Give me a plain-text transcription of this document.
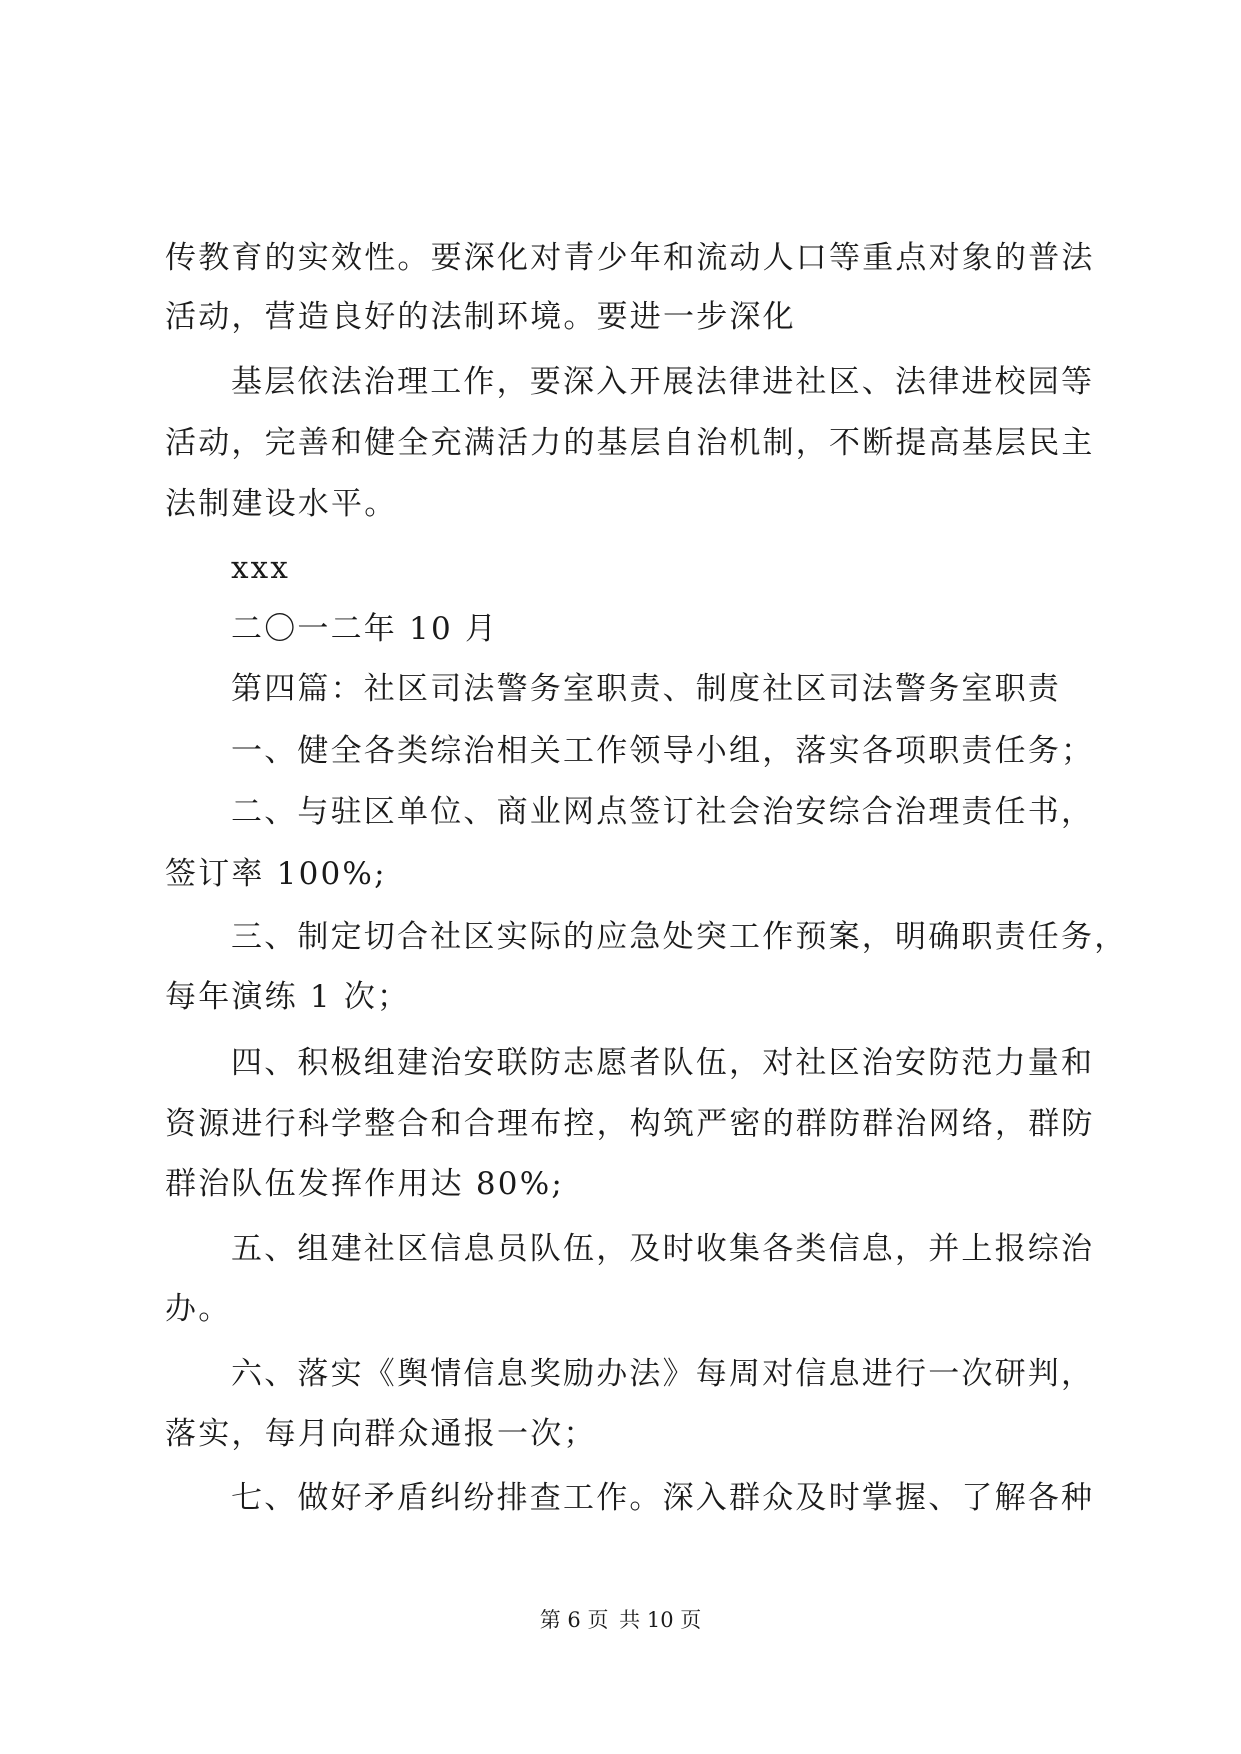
传教育的实效性。要深化对青少年和流动人口等重点对象的普法
活动，营造良好的法制环境。要进一步深化
基层依法治理工作，要深入开展法律进社区、法律进校园等
活动，完善和健全充满活力的基层自治机制，不断提高基层民主
法制建设水平。
xxx
二〇一二年 10 月
第四篇：社区司法警务室职责、制度社区司法警务室职责
一、健全各类综治相关工作领导小组，落实各项职责任务；
二、与驻区单位、商业网点签订社会治安综合治理责任书，
签订率 100%;
三、制定切合社区实际的应急处突工作预案，明确职责任务，
每年演练 1 次；
四、积极组建治安联防志愿者队伍，对社区治安防范力量和
资源进行科学整合和合理布控，构筑严密的群防群治网络，群防
群治队伍发挥作用达 80%;
五、组建社区信息员队伍，及时收集各类信息，并上报综治
办。
六、落实《舆情信息奖励办法》每周对信息进行一次研判，
落实，每月向群众通报一次；
七、做好矛盾纠纷排查工作。深入群众及时掌握、了解各种
第 6 页 共 10 页
